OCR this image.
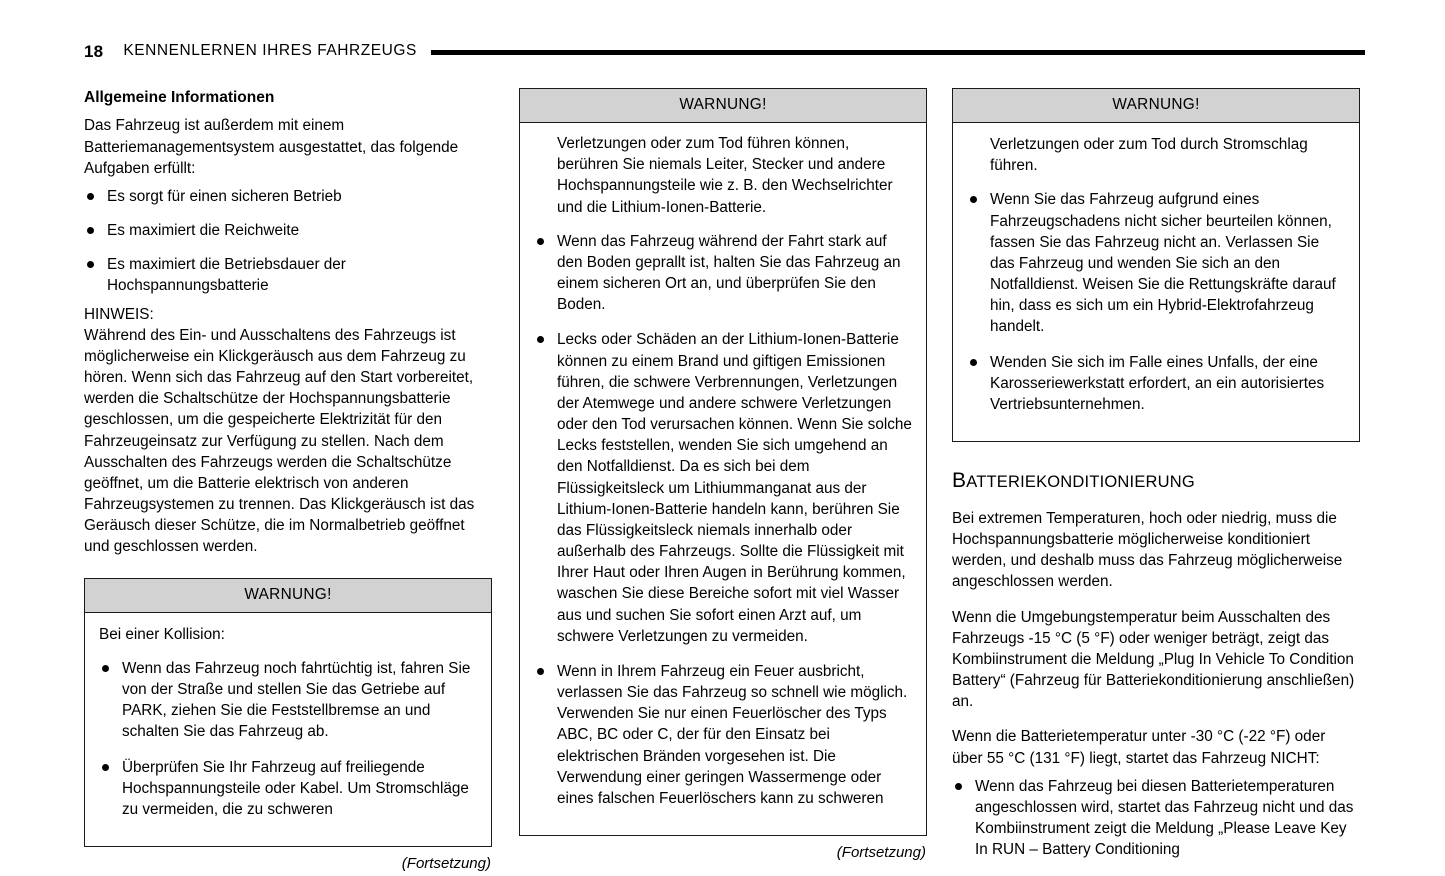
18 KENNENLERNEN IHRES FAHRZEUGS
Allgemeine Informationen

Das Fahrzeug ist außerdem mit einem Batteriemanagementsystem ausgestattet, das folgende Aufgaben erfüllt:

Es sorgt für einen sicheren Betrieb
Es maximiert die Reichweite
Es maximiert die Betriebsdauer der Hochspannungsbatterie
HINWEIS:

Während des Ein- und Ausschaltens des Fahrzeugs ist möglicherweise ein Klickgeräusch aus dem Fahrzeug zu hören. Wenn sich das Fahrzeug auf den Start vorbereitet, werden die Schaltschütze der Hochspannungsbatterie geschlossen, um die gespeicherte Elektrizität für den Fahrzeugeinsatz zur Verfügung zu stellen. Nach dem Ausschalten des Fahrzeugs werden die Schaltschütze geöffnet, um die Batterie elektrisch von anderen Fahrzeugsystemen zu trennen. Das Klickgeräusch ist das Geräusch dieser Schütze, die im Normalbetrieb geöffnet und geschlossen werden.

WARNUNG!

Bei einer Kollision:

Wenn das Fahrzeug noch fahrtüchtig ist, fahren Sie von der Straße und stellen Sie das Getriebe auf PARK, ziehen Sie die Feststellbremse an und schalten Sie das Fahrzeug ab.
Überprüfen Sie Ihr Fahrzeug auf freiliegende Hochspannungsteile oder Kabel. Um Stromschläge zu vermeiden, die zu schweren
(Fortsetzung)
WARNUNG!

Verletzungen oder zum Tod führen können, berühren Sie niemals Leiter, Stecker und andere Hochspannungsteile wie z. B. den Wechselrichter und die Lithium-Ionen-Batterie.

Wenn das Fahrzeug während der Fahrt stark auf den Boden geprallt ist, halten Sie das Fahrzeug an einem sicheren Ort an, und überprüfen Sie den Boden.
Lecks oder Schäden an der Lithium-Ionen-Batterie können zu einem Brand und giftigen Emissionen führen, die schwere Verbrennungen, Verletzungen der Atemwege und andere schwere Verletzungen oder den Tod verursachen können. Wenn Sie solche Lecks feststellen, wenden Sie sich umgehend an den Notfalldienst. Da es sich bei dem Flüssigkeitsleck um Lithiummanganat aus der Lithium-Ionen-Batterie handeln kann, berühren Sie das Flüssigkeitsleck niemals innerhalb oder außerhalb des Fahrzeugs. Sollte die Flüssigkeit mit Ihrer Haut oder Ihren Augen in Berührung kommen, waschen Sie diese Bereiche sofort mit viel Wasser aus und suchen Sie sofort einen Arzt auf, um schwere Verletzungen zu vermeiden.
Wenn in Ihrem Fahrzeug ein Feuer ausbricht, verlassen Sie das Fahrzeug so schnell wie möglich. Verwenden Sie nur einen Feuerlöscher des Typs ABC, BC oder C, der für den Einsatz bei elektrischen Bränden vorgesehen ist. Die Verwendung einer geringen Wassermenge oder eines falschen Feuerlöschers kann zu schweren
(Fortsetzung)
WARNUNG!

Verletzungen oder zum Tod durch Stromschlag führen.

Wenn Sie das Fahrzeug aufgrund eines Fahrzeugschadens nicht sicher beurteilen können, fassen Sie das Fahrzeug nicht an. Verlassen Sie das Fahrzeug und wenden Sie sich an den Notfalldienst. Weisen Sie die Rettungskräfte darauf hin, dass es sich um ein Hybrid-Elektrofahrzeug handelt.
Wenden Sie sich im Falle eines Unfalls, der eine Karosseriewerkstatt erfordert, an ein autorisiertes Vertriebsunternehmen.
BATTERIEKONDITIONIERUNG

Bei extremen Temperaturen, hoch oder niedrig, muss die Hochspannungsbatterie möglicherweise konditioniert werden, und deshalb muss das Fahrzeug möglicherweise angeschlossen werden.

Wenn die Umgebungstemperatur beim Ausschalten des Fahrzeugs -15 °C (5 °F) oder weniger beträgt, zeigt das Kombiinstrument die Meldung „Plug In Vehicle To Condition Battery“ (Fahrzeug für Batteriekonditionierung anschließen) an.

Wenn die Batterietemperatur unter -30 °C (-22 °F) oder über 55 °C (131 °F) liegt, startet das Fahrzeug NICHT:

Wenn das Fahrzeug bei diesen Batterietemperaturen angeschlossen wird, startet das Fahrzeug nicht und das Kombiinstrument zeigt die Meldung „Please Leave Key In RUN – Battery Conditioning
